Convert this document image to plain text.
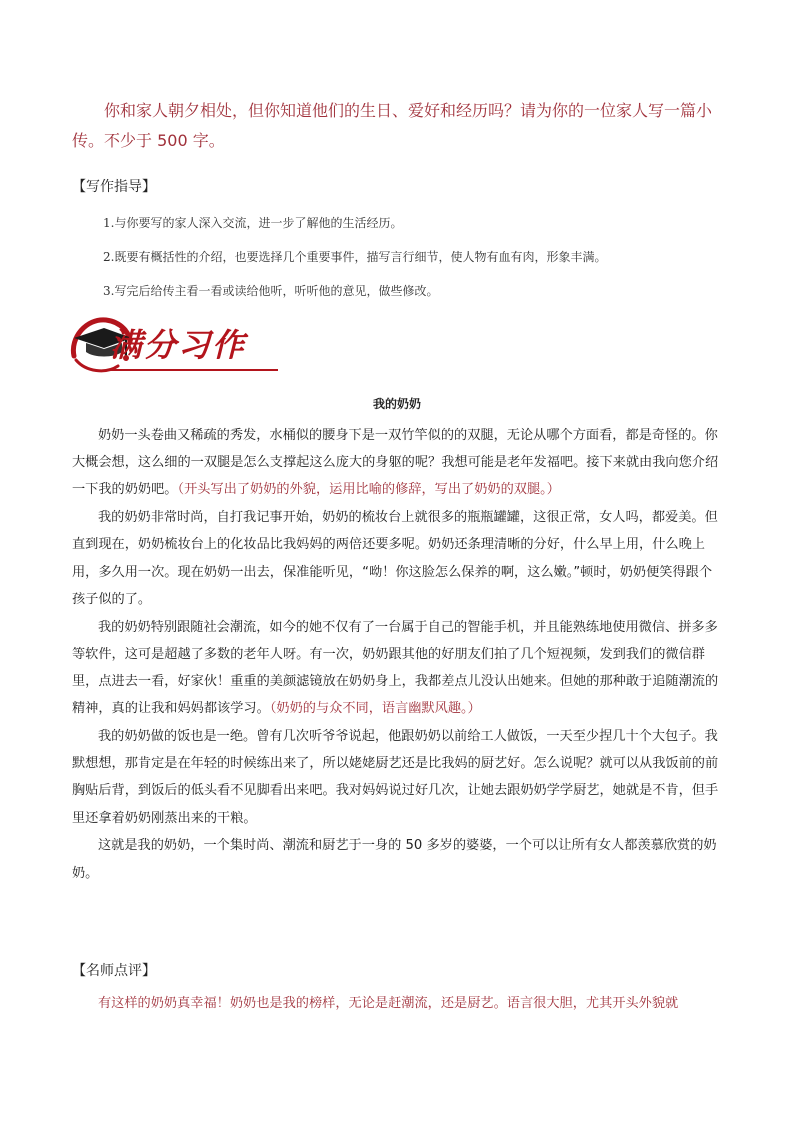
你和家人朝夕相处，但你知道他们的生日、爱好和经历吗？请为你的一位家人写一篇小传。不少于 500 字。
【写作指导】
1.与你要写的家人深入交流，进一步了解他的生活经历。
2.既要有概括性的介绍，也要选择几个重要事件，描写言行细节，使人物有血有肉，形象丰满。
3.写完后给传主看一看或读给他听，听听他的意见，做些修改。
满分习作
我的奶奶

奶奶一头卷曲又稀疏的秀发，水桶似的腰身下是一双竹竿似的的双腿，无论从哪个方面看，都是奇怪的。你大概会想，这么细的一双腿是怎么支撑起这么庞大的身躯的呢？我想可能是老年发福吧。接下来就由我向您介绍一下我的奶奶吧。（开头写出了奶奶的外貌，运用比喻的修辞，写出了奶奶的双腿。）

我的奶奶非常时尚，自打我记事开始，奶奶的梳妆台上就很多的瓶瓶罐罐，这很正常，女人吗，都爱美。但直到现在，奶奶梳妆台上的化妆品比我妈妈的两倍还要多呢。奶奶还条理清晰的分好，什么早上用，什么晚上用，多久用一次。现在奶奶一出去，保准能听见，“呦！你这脸怎么保养的啊，这么嫩。”顿时，奶奶便笑得跟个孩子似的了。

我的奶奶特别跟随社会潮流，如今的她不仅有了一台属于自己的智能手机，并且能熟练地使用微信、拼多多等软件，这可是超越了多数的老年人呀。有一次，奶奶跟其他的好朋友们拍了几个短视频，发到我们的微信群里，点进去一看，好家伙！重重的美颜滤镜放在奶奶身上，我都差点儿没认出她来。但她的那种敢于追随潮流的精神，真的让我和妈妈都该学习。（奶奶的与众不同，语言幽默风趣。）

我的奶奶做的饭也是一绝。曾有几次听爷爷说起，他跟奶奶以前给工人做饭，一天至少捏几十个大包子。我默想想，那肯定是在年轻的时候练出来了，所以姥姥厨艺还是比我妈的厨艺好。怎么说呢？就可以从我饭前的前胸贴后背，到饭后的低头看不见脚看出来吧。我对妈妈说过好几次，让她去跟奶奶学学厨艺，她就是不肯，但手里还拿着奶奶刚蒸出来的干粮。

这就是我的奶奶，一个集时尚、潮流和厨艺于一身的 50 多岁的婆婆，一个可以让所有女人都羡慕欣赏的奶奶。

【名师点评】
有这样的奶奶真幸福！奶奶也是我的榜样，无论是赶潮流，还是厨艺。语言很大胆，尤其开头外貌就
